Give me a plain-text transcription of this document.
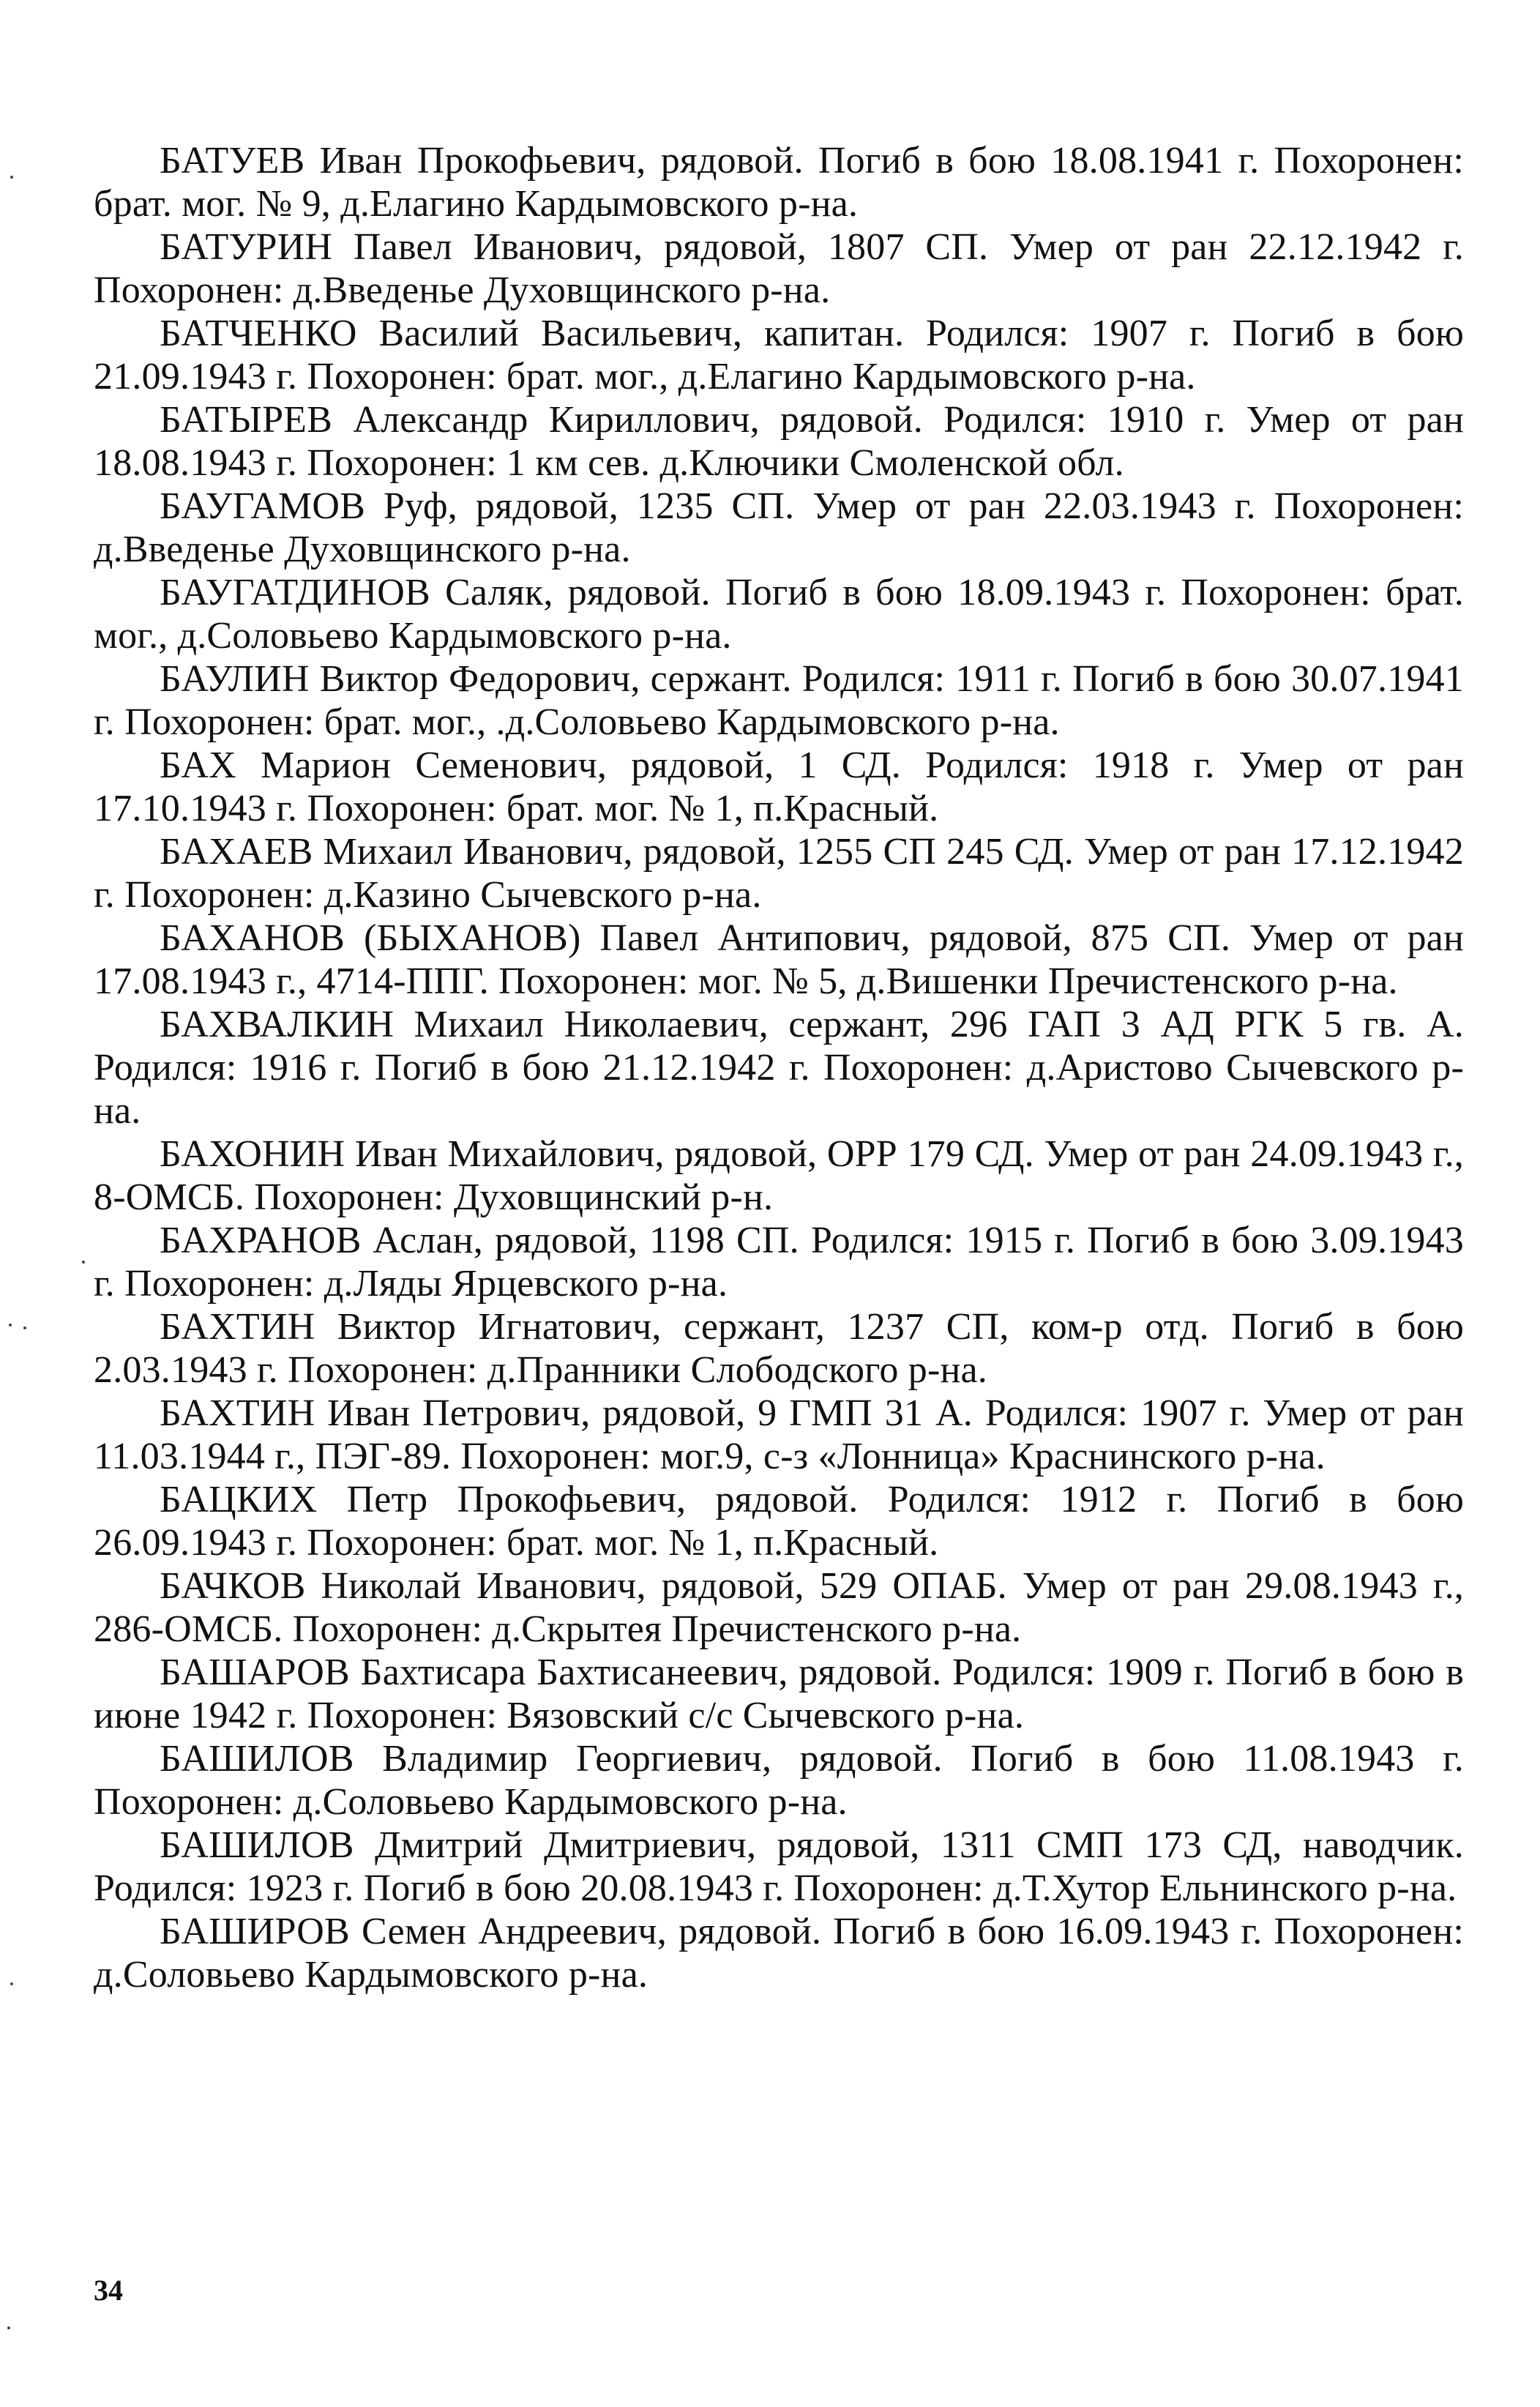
БАТУЕВ Иван Прокофьевич, рядовой. Погиб в бою 18.08.1941 г. Похоронен: брат. мог. № 9, д.Елагино Кардымовского р-на.

БАТУРИН Павел Иванович, рядовой, 1807 СП. Умер от ран 22.12.1942 г. Похоронен: д.Введенье Духовщинского р-на.

БАТЧЕНКО Василий Васильевич, капитан. Родился: 1907 г. Погиб в бою 21.09.1943 г. Похоронен: брат. мог., д.Елагино Кардымовского р-на.

БАТЫРЕВ Александр Кириллович, рядовой. Родился: 1910 г. Умер от ран 18.08.1943 г. Похоронен: 1 км сев. д.Ключики Смоленской обл.

БАУГАМОВ Руф, рядовой, 1235 СП. Умер от ран 22.03.1943 г. Похоронен: д.Введенье Духовщинского р-на.

БАУГАТДИНОВ Саляк, рядовой. Погиб в бою 18.09.1943 г. Похоронен: брат. мог., д.Соловьево Кардымовского р-на.

БАУЛИН Виктор Федорович, сержант. Родился: 1911 г. Погиб в бою 30.07.1941 г. Похоронен: брат. мог., .д.Соловьево Кардымовского р-на.

БАХ Марион Семенович, рядовой, 1 СД. Родился: 1918 г. Умер от ран 17.10.1943 г. Похоронен: брат. мог. № 1, п.Красный.

БАХАЕВ Михаил Иванович, рядовой, 1255 СП 245 СД. Умер от ран 17.12.1942 г. Похоронен: д.Казино Сычевского р-на.

БАХАНОВ (БЫХАНОВ) Павел Антипович, рядовой, 875 СП. Умер от ран 17.08.1943 г., 4714-ППГ. Похоронен: мог. № 5, д.Вишенки Пречистенского р-на.

БАХВАЛКИН Михаил Николаевич, сержант, 296 ГАП 3 АД РГК 5 гв. А. Родился: 1916 г. Погиб в бою 21.12.1942 г. Похоронен: д.Аристово Сычевского р-на.

БАХОНИН Иван Михайлович, рядовой, ОРР 179 СД. Умер от ран 24.09.1943 г., 8-ОМСБ. Похоронен: Духовщинский р-н.

БАХРАНОВ Аслан, рядовой, 1198 СП. Родился: 1915 г. Погиб в бою 3.09.1943 г. Похоронен: д.Ляды Ярцевского р-на.

БАХТИН Виктор Игнатович, сержант, 1237 СП, ком-р отд. Погиб в бою 2.03.1943 г. Похоронен: д.Пранники Слободского р-на.

БАХТИН Иван Петрович, рядовой, 9 ГМП 31 А. Родился: 1907 г. Умер от ран 11.03.1944 г., ПЭГ-89. Похоронен: мог.9, с-з «Лонница» Краснинского р-на.

БАЦКИХ Петр Прокофьевич, рядовой. Родился: 1912 г. Погиб в бою 26.09.1943 г. Похоронен: брат. мог. № 1, п.Красный.

БАЧКОВ Николай Иванович, рядовой, 529 ОПАБ. Умер от ран 29.08.1943 г., 286-ОМСБ. Похоронен: д.Скрытея Пречистенского р-на.

БАШАРОВ Бахтисара Бахтисанеевич, рядовой. Родился: 1909 г. Погиб в бою в июне 1942 г. Похоронен: Вязовский с/с Сычевского р-на.

БАШИЛОВ Владимир Георгиевич, рядовой. Погиб в бою 11.08.1943 г. Похоронен: д.Соловьево Кардымовского р-на.

БАШИЛОВ Дмитрий Дмитриевич, рядовой, 1311 СМП 173 СД, наводчик. Родился: 1923 г. Погиб в бою 20.08.1943 г. Похоронен: д.Т.Хутор Ельнинского р-на.

БАШИРОВ Семен Андреевич, рядовой. Погиб в бою 16.09.1943 г. Похоронен: д.Соловьево Кардымовского р-на.

34
